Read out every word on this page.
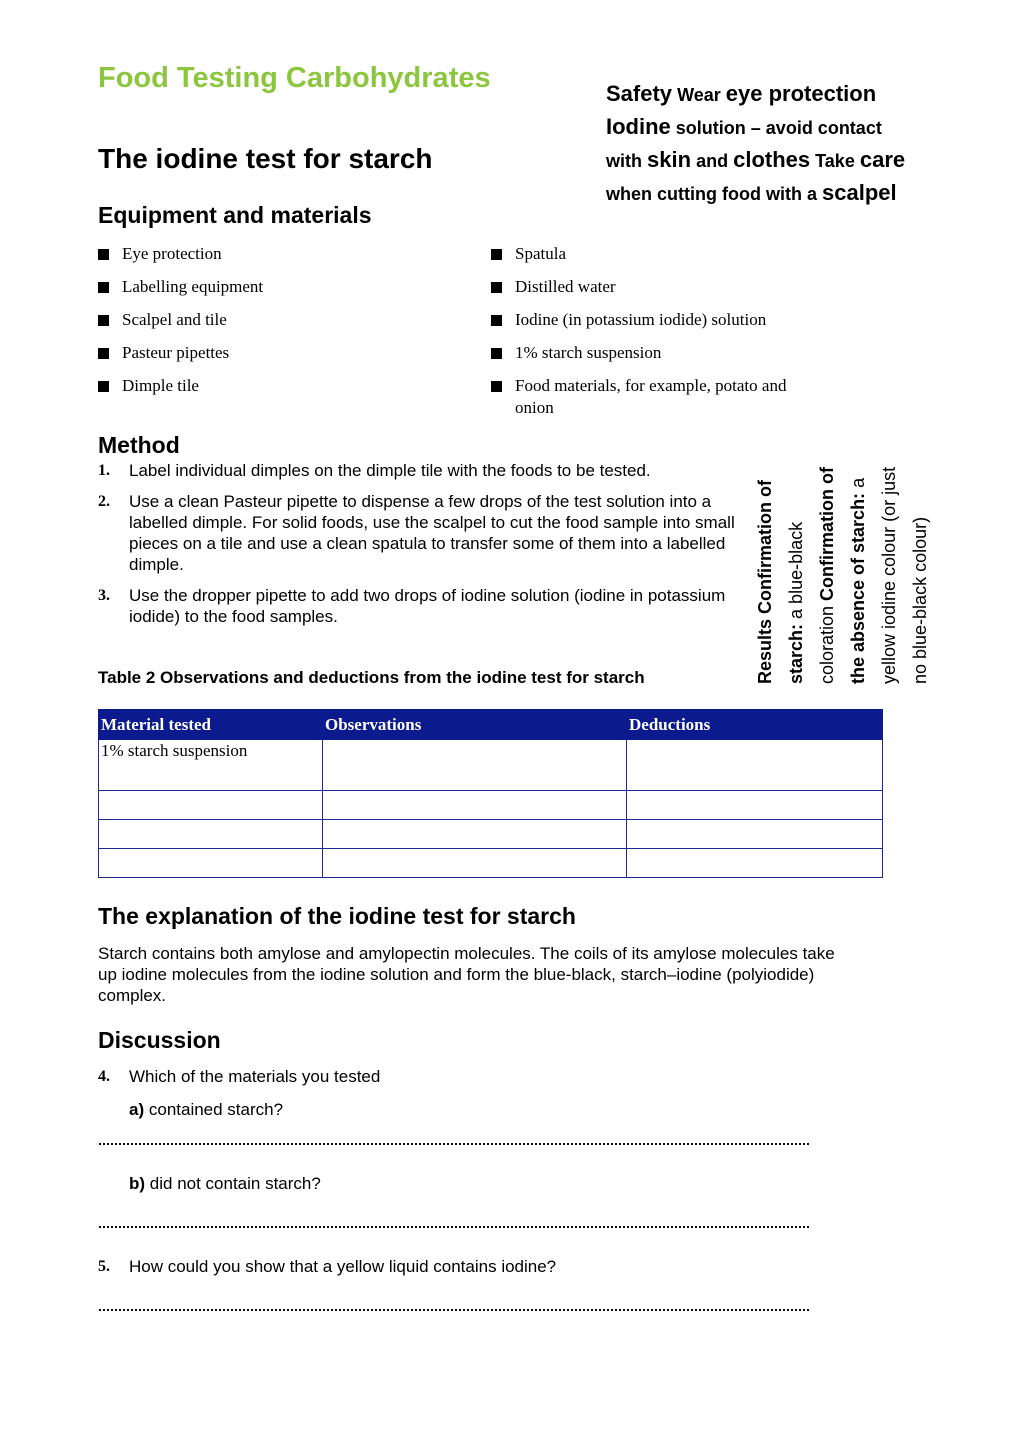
Food Testing Carbohydrates	Safety Wear eye protection
Iodine solution – avoid contact
with skin and clothes Take care
when cutting food with a scalpel
The iodine test for starch
Equipment and materials
Eye protection
Labelling equipment
Scalpel and tile
Pasteur pipettes
Dimple tile
Spatula
Distilled water
Iodine (in potassium iodide) solution
1% starch suspension
Food materials, for example, potato and onion
Method
1. Label individual dimples on the dimple tile with the foods to be tested.
2. Use a clean Pasteur pipette to dispense a few drops of the test solution into a labelled dimple. For solid foods, use the scalpel to cut the food sample into small pieces on a tile and use a clean spatula to transfer some of them into a labelled dimple.
3. Use the dropper pipette to add two drops of iodine solution (iodine in potassium iodide) to the food samples.
Results Confirmation of starch: a blue-black coloration Confirmation of the absence of starch: a yellow iodine colour (or just no blue-black colour)

Table 2 Observations and deductions from the iodine test for starch

Material tested	Observations	Deductions
1% starch suspension		

The explanation of the iodine test for starch

Starch contains both amylose and amylopectin molecules. The coils of its amylose molecules take up iodine molecules from the iodine solution and form the blue-black, starch–iodine (polyiodide) complex.

Discussion
4. Which of the materials you tested
a) contained starch?
b) did not contain starch?
5. How could you show that a yellow liquid contains iodine?
